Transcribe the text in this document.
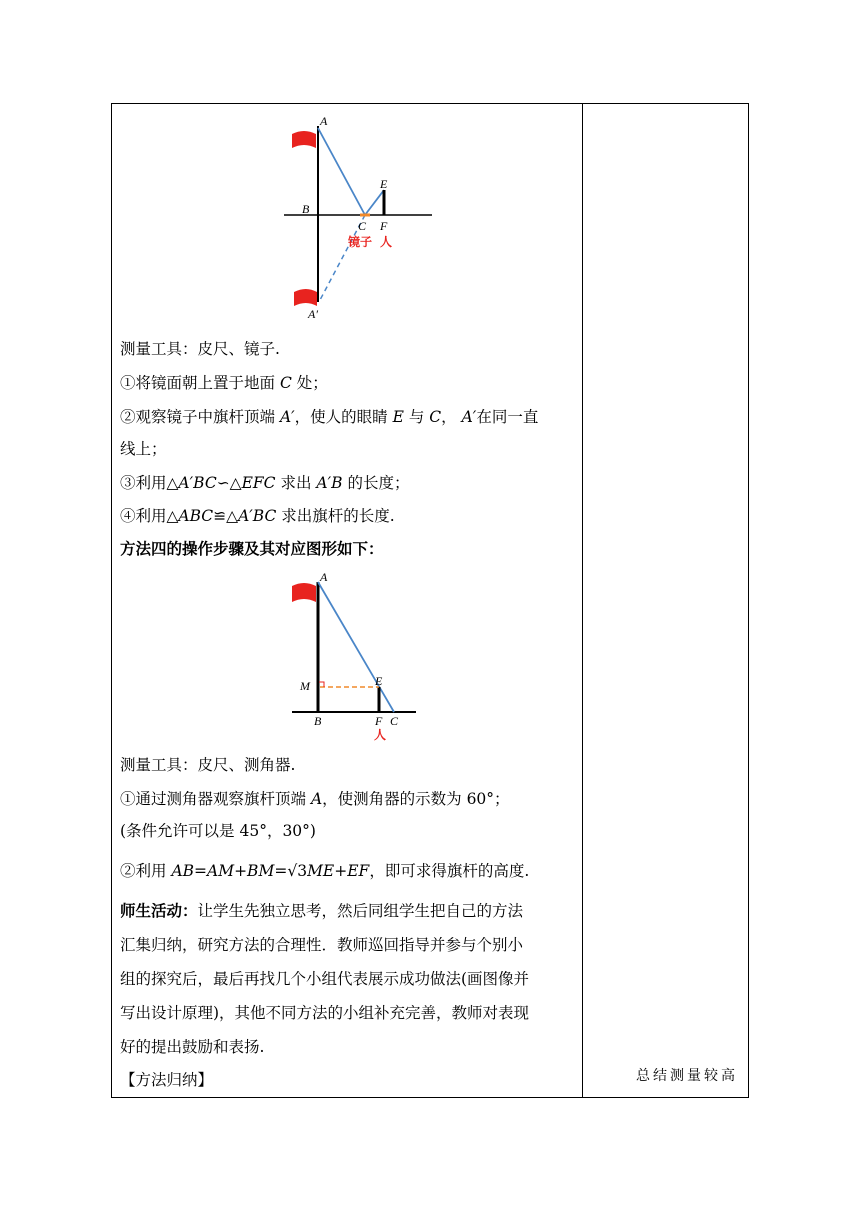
A
B
C
E
F
A′
镜子 人
测量工具：皮尺、镜子.
①将镜面朝上置于地面 C 处；
②观察镜子中旗杆顶端 A′，使人的眼睛 E 与 C， A′在同一直
线上；
③利用△A′BC∽△EFC 求出 A′B 的长度；
④利用△ABC≌△A′BC 求出旗杆的长度.
方法四的操作步骤及其对应图形如下：
A
M	E
B	F C
人
测量工具：皮尺、测角器.
①通过测角器观察旗杆顶端 A，使测角器的示数为 60°；
(条件允许可以是 45°，30°)
②利用 AB=AM+BM=√3ME+EF，即可求得旗杆的高度.
师生活动：让学生先独立思考，然后同组学生把自己的方法
汇集归纳，研究方法的合理性．教师巡回指导并参与个别小
组的探究后，最后再找几个小组代表展示成功做法(画图像并
写出设计原理)，其他不同方法的小组补充完善，教师对表现
好的提出鼓励和表扬.
【方法归纳】	总结测量较高
